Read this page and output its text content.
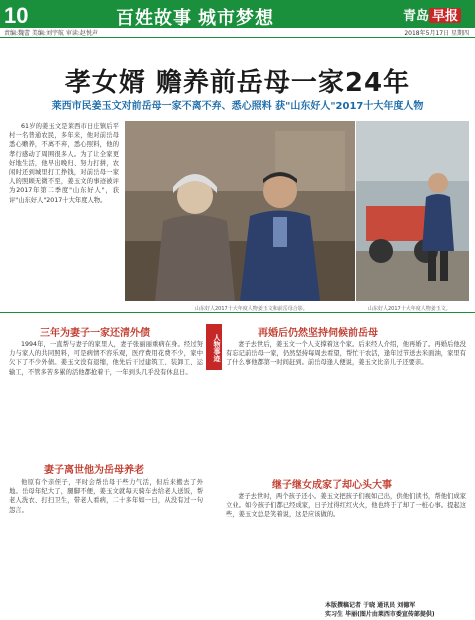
10	百姓故事 城市梦想	青岛 早报
责编:魏蕾 美编:刘宇航 审读:赵悦声	2018年5月17日 星期四
孝女婿 赡养前岳母一家24年
莱西市民姜玉文对前岳母一家不离不弃、悉心照料 获"山东好人"2017十大年度人物
61岁的姜玉文是莱西市日庄镇后平村一名普通农民，多年来，他对前岳母悉心赡养，不离不弃，悉心照料，他的孝行感动了周围很多人。为了让全家更好地生活，他早出晚归、努力打拼，农闲时还到城里打工挣钱，对前岳母一家人的照顾无微不至，姜玉文的事迹被评为2017年第二季度"山东好人"，获评"山东好人"2017十大年度人物。
山东好人2017十大年度人物姜玉文和前岳母合影。	山东好人2017十大年度人物姜玉文。
人物事迹
三年为妻子一家还清外债
1994年，一直帮与妻子的家里人，妻子张丽丽重病在身。经过努力与家人的共同照料，可是病情不容乐观，医疗费用花费不少，家中欠下了不少外债。姜玉文没有退缩，他先后干过建筑工、装卸工、运输工，不管多苦多累的活他都抢着干，一年到头几乎没有休息日。
再婚后仍然坚持伺候前岳母
妻子去世后，姜玉文一个人支撑着这个家。后来经人介绍，他再婚了。再婚后他没有忘记前岳母一家，仍然坚持每周去看望，帮忙干农活，逢年过节送去米面油，家里有了什么事他都第一时间赶到。前岳母逢人便说，姜玉文比亲儿子还要亲。
妻子离世他为岳母养老
他原有个亲侄子，平时会帮岳母干些力气活，但后来搬去了外地。岳母年纪大了，腿脚不便，姜玉文就每天骑车去给老人送饭，帮老人洗衣、打扫卫生，带老人看病，二十多年如一日，从没有过一句怨言。
继子继女成家了却心头大事
妻子去世时，两个孩子还小。姜玉文把孩子们视如己出，供他们读书，帮他们成家立业。如今孩子们都已经成家，日子过得红红火火，他也终于了却了一桩心事。提起这些，姜玉文总是笑着说，这是应该做的。
本版撰稿记者 于晓 通讯员 刘德军
实习生 毕丽(图片由莱西市委宣传部提供)
